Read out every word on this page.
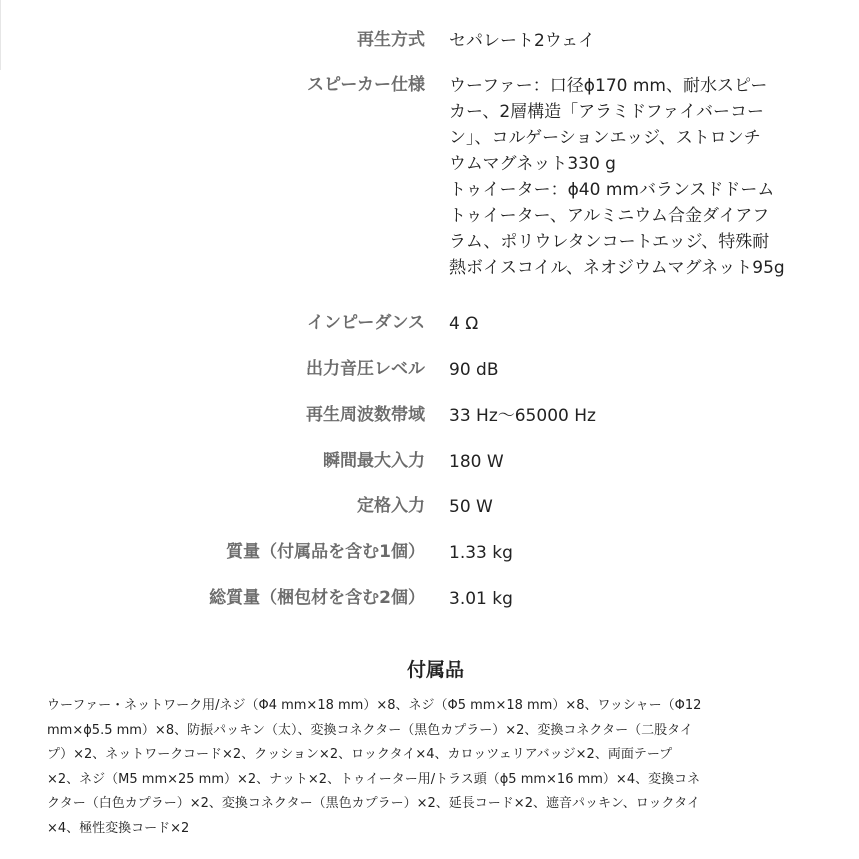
再生方式 セパレート2ウェイ
スピーカー仕様 ウーファー：口径ϕ170 mm、耐水スピー
カー、2層構造「アラミドファイバーコー
ン」、コルゲーションエッジ、ストロンチ
ウムマグネット330 g
トゥイーター：ϕ40 mmバランスドドーム
トゥイーター、アルミニウム合金ダイアフ
ラム、ポリウレタンコートエッジ、特殊耐
熱ボイスコイル、ネオジウムマグネット95g
インピーダンス 4 Ω
出力音圧レベル 90 dB
再生周波数帯域 33 Hz～65000 Hz
瞬間最大入力 180 W
定格入力 50 W
質量（付属品を含む1個） 1.33 kg
総質量（梱包材を含む2個） 3.01 kg
付属品
ウーファー・ネットワーク用/ネジ（Φ4 mm×18 mm）×8、ネジ（Φ5 mm×18 mm）×8、ワッシャー（Φ12
mm×ϕ5.5 mm）×8、防振パッキン（太）、変換コネクター（黒色カプラー）×2、変換コネクター（二股タイ
プ）×2、ネットワークコード×2、クッション×2、ロックタイ×4、カロッツェリアバッジ×2、両面テープ
×2、ネジ（M5 mm×25 mm）×2、ナット×2、トゥイーター用/トラス頭（ϕ5 mm×16 mm）×4、変換コネ
クター（白色カプラー）×2、変換コネクター（黒色カプラー）×2、延長コード×2、遮音パッキン、ロックタイ
×4、極性変換コード×2
